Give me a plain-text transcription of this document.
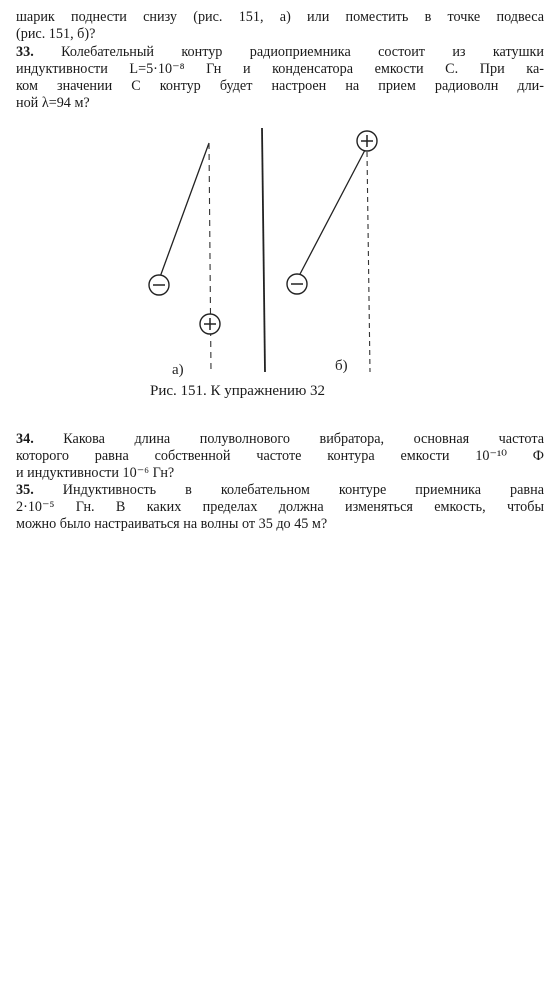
шарик поднести снизу (рис. 151, а) или поместить в точке подвеса
(рис. 151, б)?
33. Колебательный контур радиоприемника состоит из катушки
индуктивности L=5·10⁻⁸ Гн и конденсатора емкости C. При ка-
ком значении C контур будет настроен на прием радиоволн дли-
ной λ=94 м?
а)	б)
Рис. 151. К упражнению 32
34. Какова длина полуволнового вибратора, основная частота
которого равна собственной частоте контура емкости 10⁻¹⁰ Ф
и индуктивности 10⁻⁶ Гн?
35. Индуктивность в колебательном контуре приемника равна
2·10⁻⁵ Гн. В каких пределах должна изменяться емкость, чтобы
можно было настраиваться на волны от 35 до 45 м?
